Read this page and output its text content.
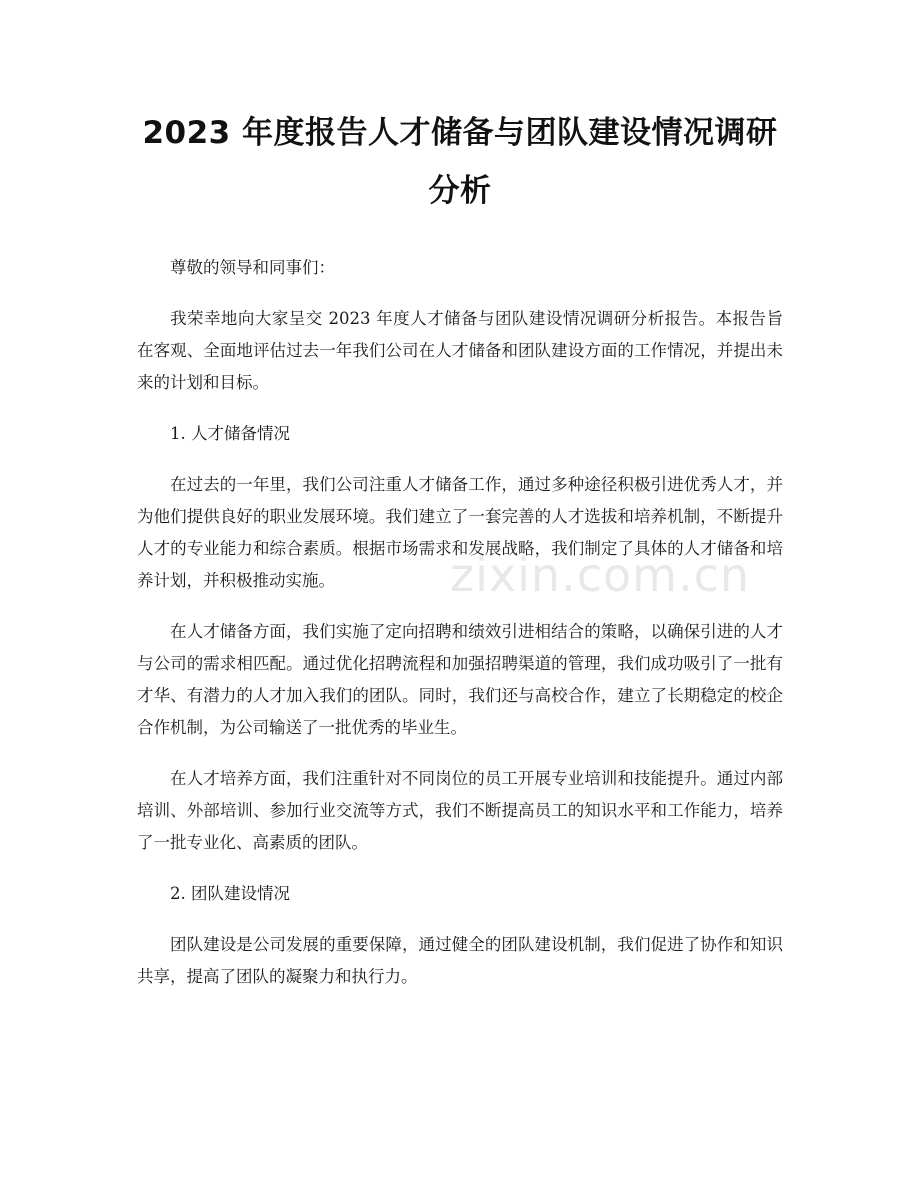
2023 年度报告人才储备与团队建设情况调研
分析

尊敬的领导和同事们：

我荣幸地向大家呈交 2023 年度人才储备与团队建设情况调研分析报告。本报告旨在客观、全面地评估过去一年我们公司在人才储备和团队建设方面的工作情况，并提出未来的计划和目标。

1. 人才储备情况

在过去的一年里，我们公司注重人才储备工作，通过多种途径积极引进优秀人才，并为他们提供良好的职业发展环境。我们建立了一套完善的人才选拔和培养机制，不断提升人才的专业能力和综合素质。根据市场需求和发展战略，我们制定了具体的人才储备和培养计划，并积极推动实施。

在人才储备方面，我们实施了定向招聘和绩效引进相结合的策略，以确保引进的人才与公司的需求相匹配。通过优化招聘流程和加强招聘渠道的管理，我们成功吸引了一批有才华、有潜力的人才加入我们的团队。同时，我们还与高校合作，建立了长期稳定的校企合作机制，为公司输送了一批优秀的毕业生。

在人才培养方面，我们注重针对不同岗位的员工开展专业培训和技能提升。通过内部培训、外部培训、参加行业交流等方式，我们不断提高员工的知识水平和工作能力，培养了一批专业化、高素质的团队。

2. 团队建设情况

团队建设是公司发展的重要保障，通过健全的团队建设机制，我们促进了协作和知识共享，提高了团队的凝聚力和执行力。

zixin.com.cn
